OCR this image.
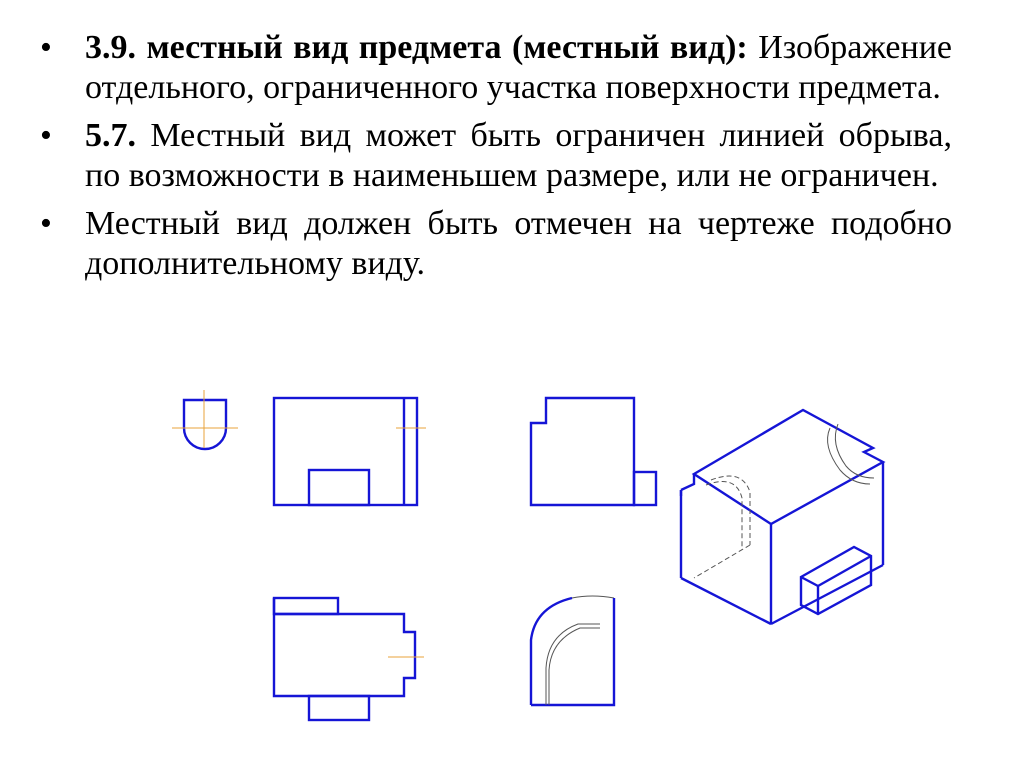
• 3.9. местный вид предмета (местный вид): Изображение отдельного, ограниченного участка поверхности предмета.
• 5.7. Местный вид может быть ограничен линией обрыва, по возможности в наименьшем размере, или не ограничен.
• Местный вид должен быть отмечен на чертеже подобно дополнительному виду.
